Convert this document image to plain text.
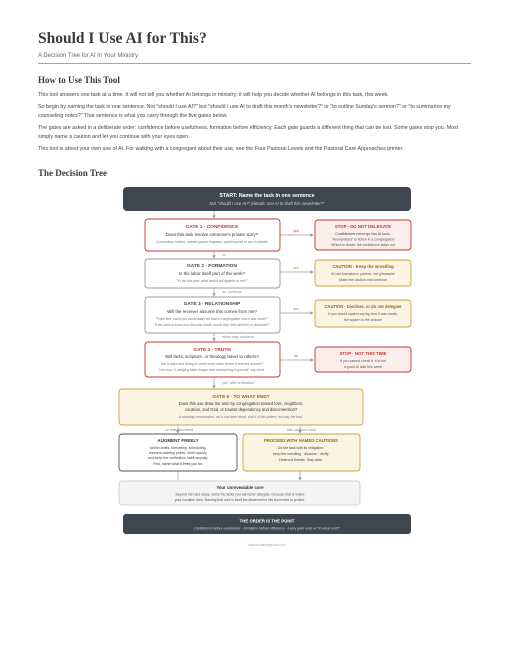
Should I Use AI for This?
A Decision Tree for AI in Your Ministry
How to Use This Tool

This tool answers one task at a time. It will not tell you whether AI belongs in ministry; it will help you decide whether AI belongs in this task, this week.

So begin by naming the task in one sentence. Not "should I use AI?" but "should I use AI to draft this month's newsletter?" or "to outline Sunday's sermon?" or "to summarize my counseling notes?" That sentence is what you carry through the five gates below.

The gates are asked in a deliberate order: confidence before usefulness, formation before efficiency. Each gate guards a different thing that can be lost. Some gates stop you. Most simply name a caution and let you continue with your eyes open.

This tool is about your own use of AI. For walking with a congregant about their use, see the Four Pastoral Levels and the Pastoral Care Approaches primer.

The Decision Tree
START: Name the task in one sentence
Not "should I use AI?" (details: use AI to draft this newsletter?"
GATE 1 · CONFIDENCE
Does this task involve someone's private story?
Counseling content, named prayer requests, anything told to you in private
yes
no
STOP · DO NOT DELEGATE
Confidences never go into AI tools.
"Anonymized" is fiction in a congregation
Where in doubt, the confidence stays out
GATE 2 · FORMATION
Is the labor itself part of the work?
"If I do this part, what would fall against to me?"
yes
no, continue
CAUTION · Keep the wrestling
AI can brainstorm, partner, not ghostwrite
Make the caution and continue
GATE 3 · RELATIONSHIP
Will the receiver assume this comes from me?
"Pulpit text, could you comfortably tell that to congregation how it was made?"
"If this person knew how this was made, would they feel cared for or deceived?"
yes
either way, continue
CAUTION · Disclose, or do not delegate
If you would squirm saying how it was made,
the squirm is the answer
GATE 4 · TRUTH
Will facts, scripture, or theology travel to others?
Not a claim and willing to verify every claim before it reaches anyone?
How true. If verifying takes longer than researching it yourself, stop here.
no
yes, with verification
STOP · NOT THIS TIME
If you cannot check it, it is not
a good AI task this week
GATE 5 · TO WHAT END?
Does this use draw me and my congregation toward love, neighbors,
vocation, and God, or toward dependency and disconnection?
A standing conversation, not a one-time check. Ask it of the pattern, not only the task.
on reception mired	with cautions noted
AUGMENT FREELY
Admin drafts, formatting, scheduling,
research starting points. Work openly,
and keep the verification habit anyway.
First, name what it frees you for.
PROCEED WITH NAMED CAUTIONS
Do the task with its mitigation:
keep the wrestling · disclose · verify.
Defend it threats. Stay wide.
Your unrevealable core
Beyond the hard stops, name the tasks you will never delegate, because that is where
your vocation lives. Naming that core is itself the discernment this tool exists to protect.
THE ORDER IS THE POINT
Confidence before usefulness · formation before efficiency · every path ends at "to what end?"
www.ai.ministrytools.com
